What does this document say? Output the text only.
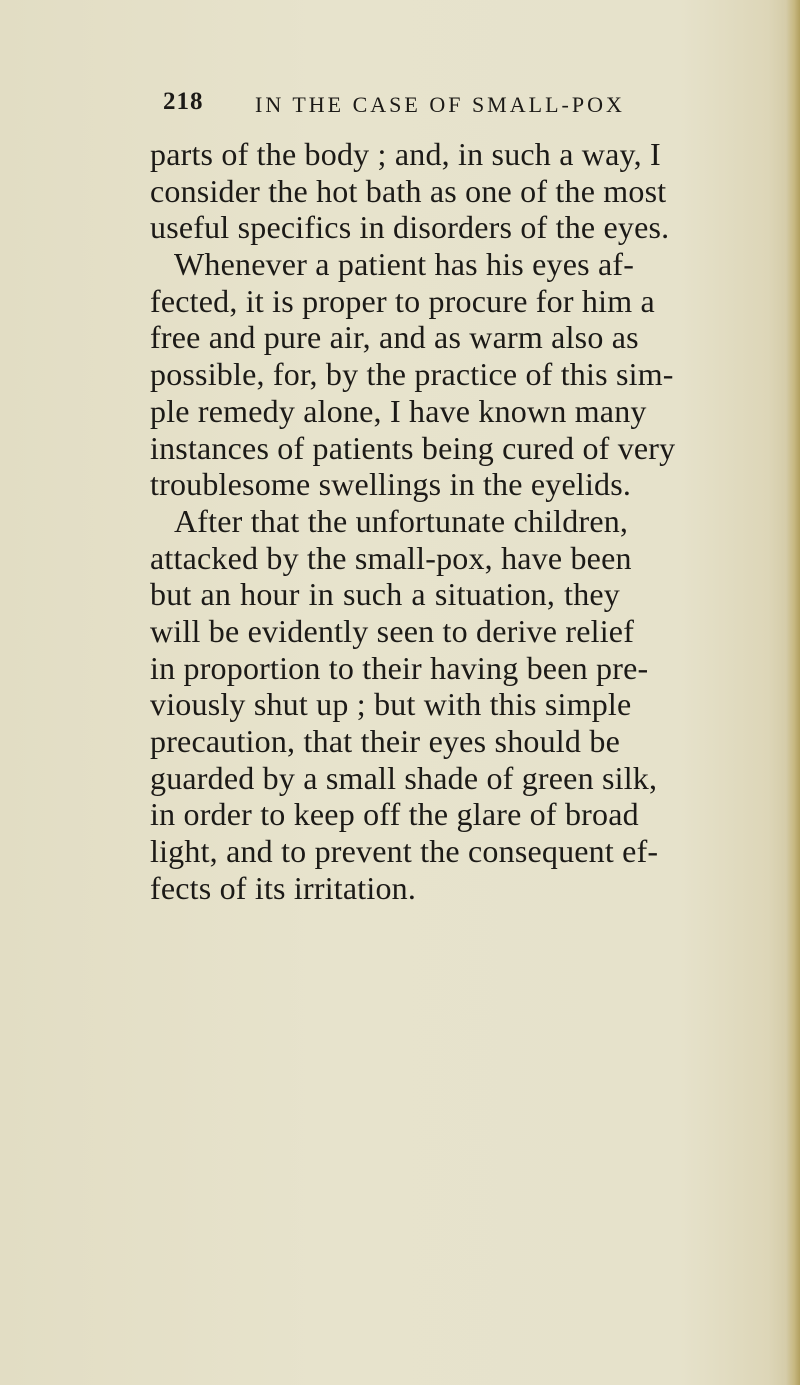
218 IN THE CASE OF SMALL-POX
parts of the body ; and, in such a way, I
consider the hot bath as one of the most
useful specifics in disorders of the eyes.
Whenever a patient has his eyes af-
fected, it is proper to procure for him a
free and pure air, and as warm also as
possible, for, by the practice of this sim-
ple remedy alone, I have known many
instances of patients being cured of very
troublesome swellings in the eyelids.
After that the unfortunate children,
attacked by the small-pox, have been
but an hour in such a situation, they
will be evidently seen to derive relief
in proportion to their having been pre-
viously shut up ; but with this simple
precaution, that their eyes should be
guarded by a small shade of green silk,
in order to keep off the glare of broad
light, and to prevent the consequent ef-
fects of its irritation.
